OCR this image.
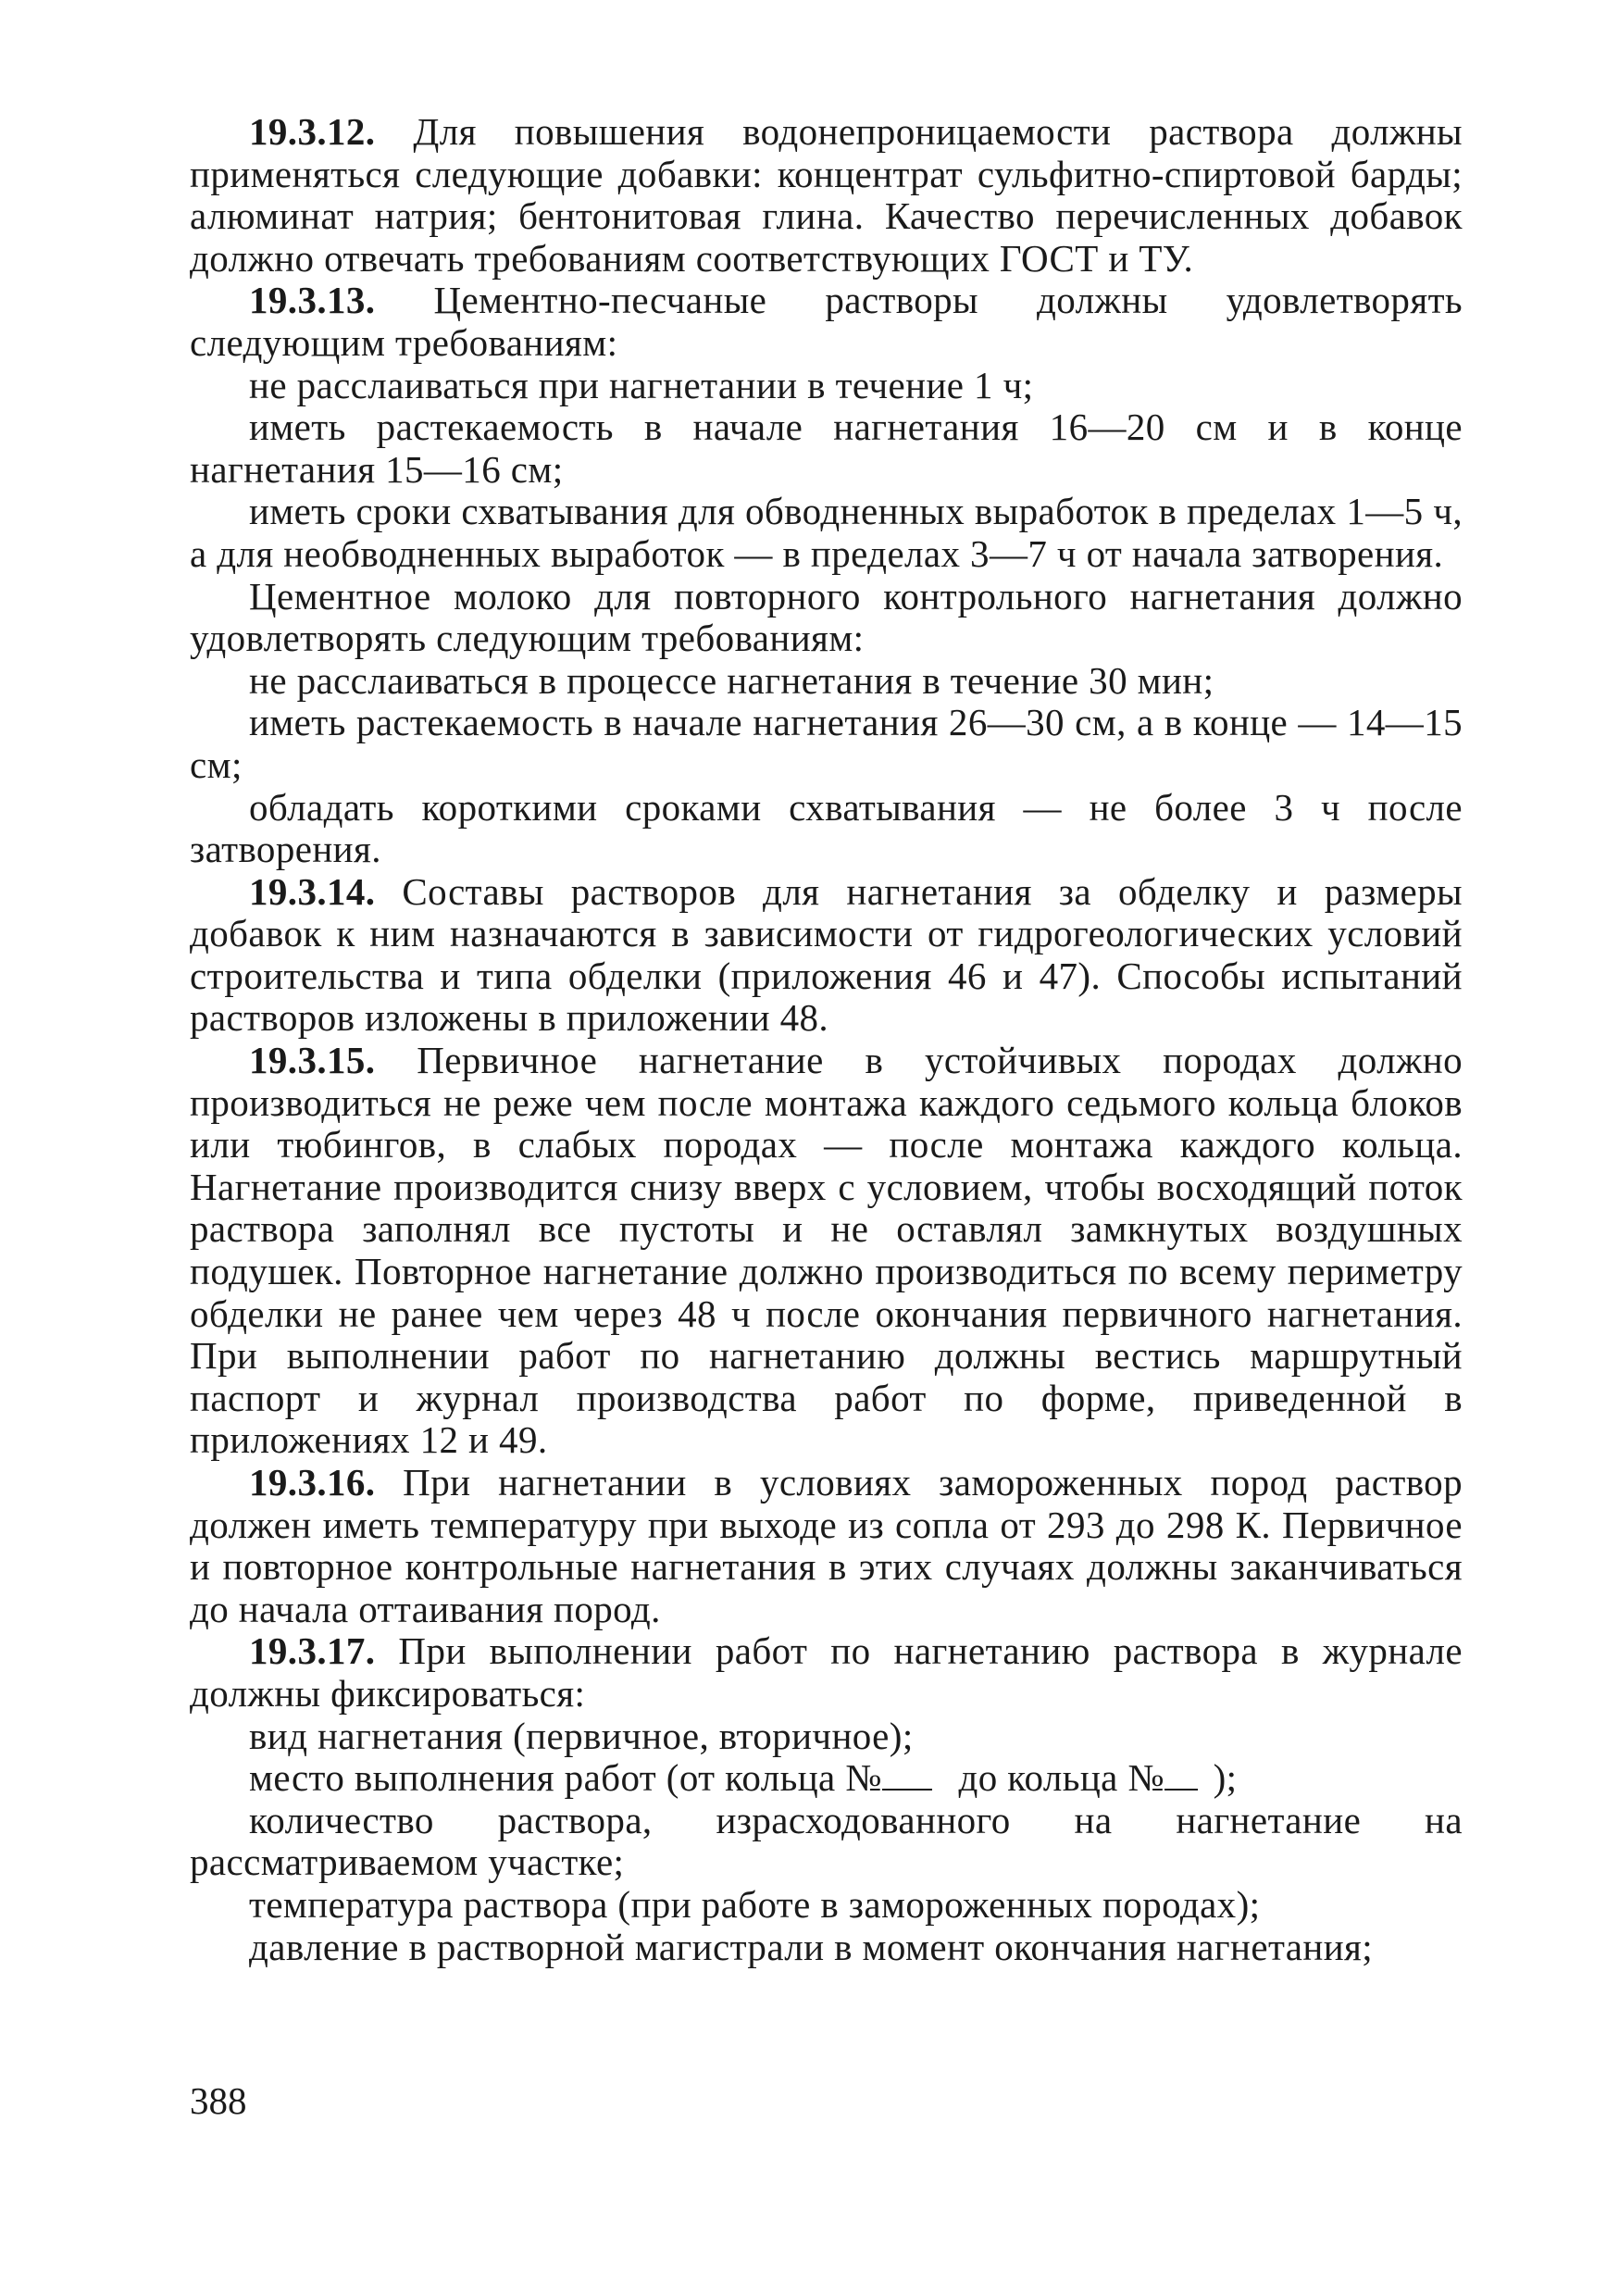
19.3.12. Для повышения водонепроницаемости раствора должны применяться следующие добавки: концентрат сульфитно-спиртовой барды; алюминат натрия; бентонитовая глина. Качество перечисленных добавок должно отвечать требованиям соответствующих ГОСТ и ТУ.

19.3.13. Цементно-песчаные растворы должны удовлетворять следующим требованиям:

не расслаиваться при нагнетании в течение 1 ч;

иметь растекаемость в начале нагнетания 16—20 см и в конце нагнетания 15—16 см;

иметь сроки схватывания для обводненных выработок в пределах 1—5 ч, а для необводненных выработок — в пределах 3—7 ч от начала затворения.

Цементное молоко для повторного контрольного нагнетания должно удовлетворять следующим требованиям:

не расслаиваться в процессе нагнетания в течение 30 мин;

иметь растекаемость в начале нагнетания 26—30 см, а в конце — 14—15 см;

обладать короткими сроками схватывания — не более 3 ч после затворения.

19.3.14. Составы растворов для нагнетания за обделку и размеры добавок к ним назначаются в зависимости от гидрогеологических условий строительства и типа обделки (приложения 46 и 47). Способы испытаний растворов изложены в приложении 48.

19.3.15. Первичное нагнетание в устойчивых породах должно производиться не реже чем после монтажа каждого седьмого кольца блоков или тюбингов, в слабых породах — после монтажа каждого кольца. Нагнетание производится снизу вверх с условием, чтобы восходящий поток раствора заполнял все пустоты и не оставлял замкнутых воздушных подушек. Повторное нагнетание должно производиться по всему периметру обделки не ранее чем через 48 ч после окончания первичного нагнетания. При выполнении работ по нагнетанию должны вестись маршрутный паспорт и журнал производства работ по форме, приведенной в приложениях 12 и 49.

19.3.16. При нагнетании в условиях замороженных пород раствор должен иметь температуру при выходе из сопла от 293 до 298 К. Первичное и повторное контрольные нагнетания в этих случаях должны заканчиваться до начала оттаивания пород.

19.3.17. При выполнении работ по нагнетанию раствора в журнале должны фиксироваться:

вид нагнетания (первичное, вторичное);

место выполнения работ (от кольца № до кольца № );

количество раствора, израсходованного на нагнетание на рассматриваемом участке;

температура раствора (при работе в замороженных породах);

давление в растворной магистрали в момент окончания нагнетания;

388
